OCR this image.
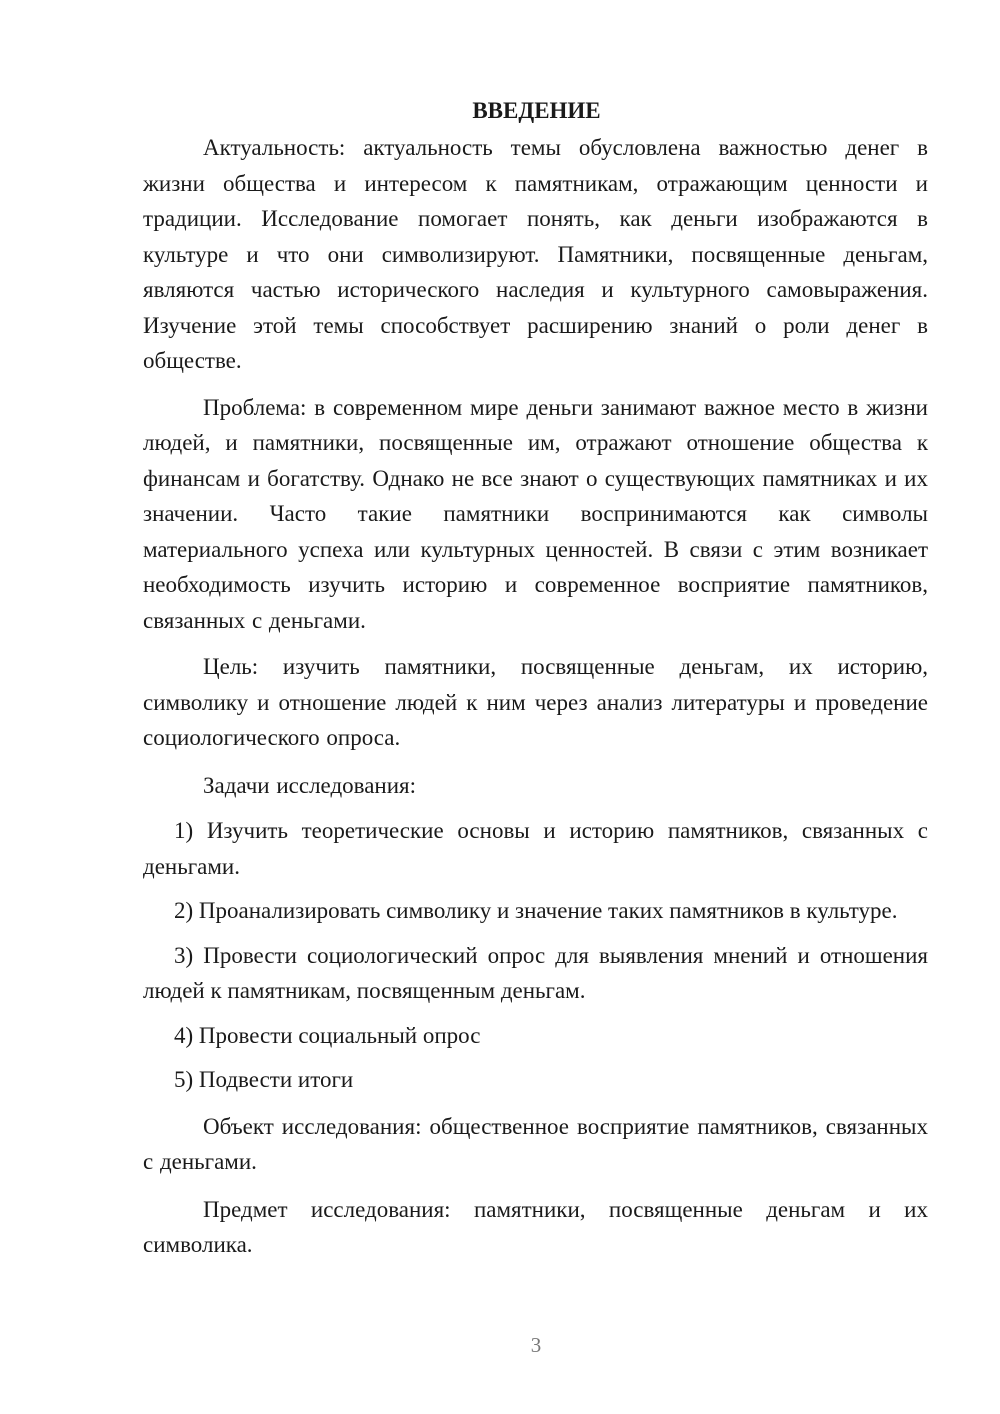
ВВЕДЕНИЕ

Актуальность: актуальность темы обусловлена важностью денег в жизни общества и интересом к памятникам, отражающим ценности и традиции. Исследование помогает понять, как деньги изображаются в культуре и что они символизируют. Памятники, посвященные деньгам, являются частью исторического наследия и культурного самовыражения. Изучение этой темы способствует расширению знаний о роли денег в обществе.

Проблема: в современном мире деньги занимают важное место в жизни людей, и памятники, посвященные им, отражают отношение общества к финансам и богатству. Однако не все знают о существующих памятниках и их значении. Часто такие памятники воспринимаются как символы материального успеха или культурных ценностей. В связи с этим возникает необходимость изучить историю и современное восприятие памятников, связанных с деньгами.

Цель: изучить памятники, посвященные деньгам, их историю, символику и отношение людей к ним через анализ литературы и проведение социологического опроса.

Задачи исследования:

1) Изучить теоретические основы и историю памятников, связанных с деньгами.

2) Проанализировать символику и значение таких памятников в культуре.

3) Провести социологический опрос для выявления мнений и отношения людей к памятникам, посвященным деньгам.

4) Провести социальный опрос

5) Подвести итоги

Объект исследования: общественное восприятие памятников, связанных с деньгами.

Предмет исследования: памятники, посвященные деньгам и их символика.

3
